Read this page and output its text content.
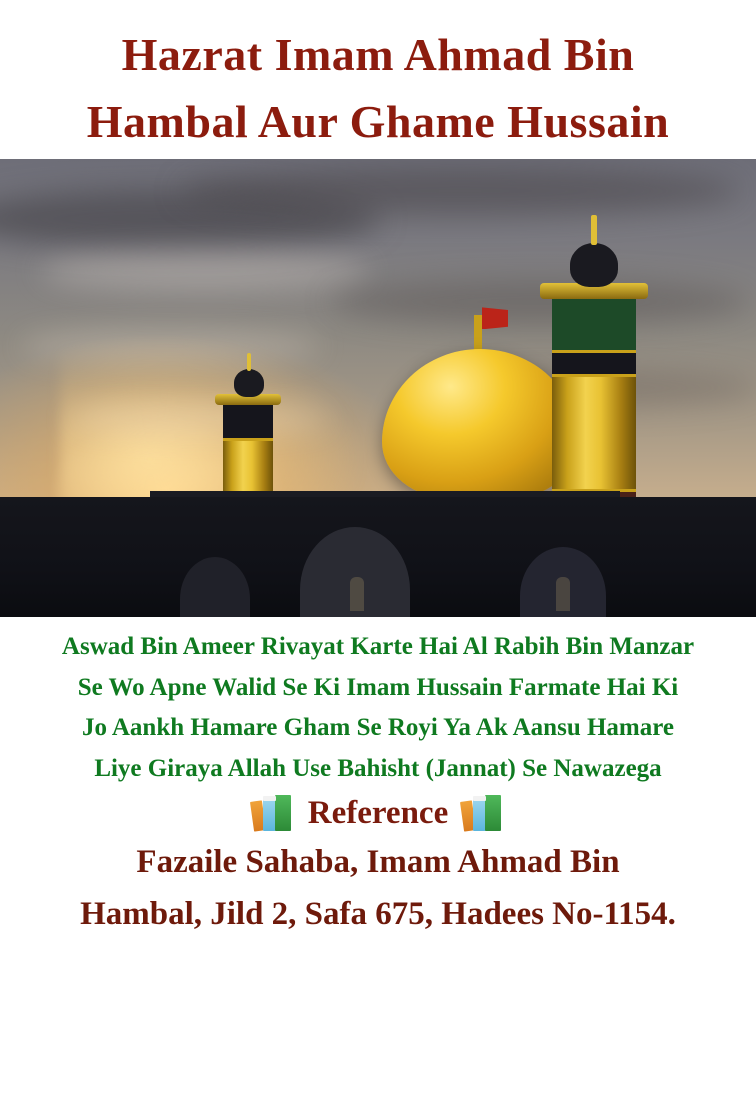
Hazrat Imam Ahmad Bin
Hambal Aur Ghame Hussain
Aswad Bin Ameer Rivayat Karte Hai Al Rabih Bin Manzar
Se Wo Apne Walid Se Ki Imam Hussain Farmate Hai Ki
Jo Aankh Hamare Gham Se Royi Ya Ak Aansu Hamare
Liye Giraya Allah Use Bahisht (Jannat) Se Nawazega
Reference
Fazaile Sahaba, Imam Ahmad Bin
Hambal, Jild 2, Safa 675, Hadees No-1154.
